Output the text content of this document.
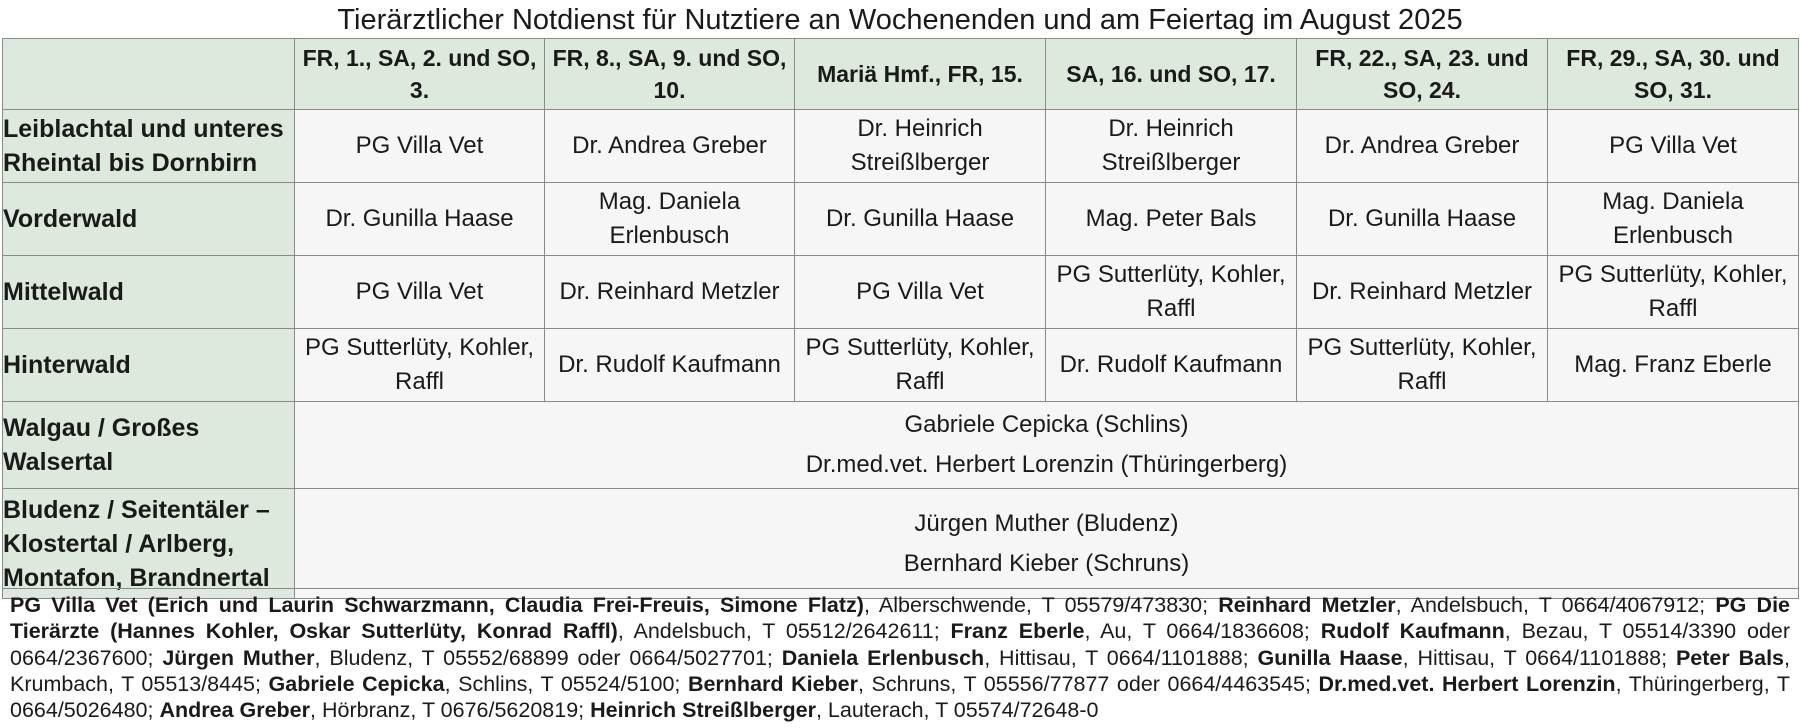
Tierärztlicher Notdienst für Nutztiere an Wochenenden und am Feiertag im August 2025
	FR, 1., SA, 2. und SO, 3.	FR, 8., SA, 9. und SO, 10.	Mariä Hmf., FR, 15.	SA, 16. und SO, 17.	FR, 22., SA, 23. und SO, 24.	FR, 29., SA, 30. und SO, 31.
Leiblachtal und unteres Rheintal bis Dornbirn	PG Villa Vet	Dr. Andrea Greber	Dr. Heinrich Streißlberger	Dr. Heinrich Streißlberger	Dr. Andrea Greber	PG Villa Vet
Vorderwald	Dr. Gunilla Haase	Mag. Daniela Erlenbusch	Dr. Gunilla Haase	Mag. Peter Bals	Dr. Gunilla Haase	Mag. Daniela Erlenbusch
Mittelwald	PG Villa Vet	Dr. Reinhard Metzler	PG Villa Vet	PG Sutterlüty, Kohler, Raffl	Dr. Reinhard Metzler	PG Sutterlüty, Kohler, Raffl
Hinterwald	PG Sutterlüty, Kohler, Raffl	Dr. Rudolf Kaufmann	PG Sutterlüty, Kohler, Raffl	Dr. Rudolf Kaufmann	PG Sutterlüty, Kohler, Raffl	Mag. Franz Eberle
Walgau / Großes Walsertal	Gabriele Cepicka (Schlins)
Dr.med.vet. Herbert Lorenzin (Thüringerberg)					

Bludenz / Seitentäler – Klostertal / Arlberg, Montafon, Brandnertal	Jürgen Muther (Bludenz)
Bernhard Kieber (Schruns)					
PG Villa Vet (Erich und Laurin Schwarzmann, Claudia Frei-Freuis, Simone Flatz), Alberschwende, T 05579/473830; Reinhard Metzler, Andelsbuch, T 0664/4067912; PG Die Tierärzte (Hannes Kohler, Oskar Sutterlüty, Konrad Raffl), Andelsbuch, T 05512/2642611; Franz Eberle, Au, T 0664/1836608; Rudolf Kaufmann, Bezau, T 05514/3390 oder 0664/2367600; Jürgen Muther, Bludenz, T 05552/68899 oder 0664/5027701; Daniela Erlenbusch, Hittisau, T 0664/1101888; Gunilla Haase, Hittisau, T 0664/1101888; Peter Bals, Krumbach, T 05513/8445; Gabriele Cepicka, Schlins, T 05524/5100; Bernhard Kieber, Schruns, T 05556/77877 oder 0664/4463545; Dr.med.vet. Herbert Lorenzin, Thüringerberg, T 0664/5026480; Andrea Greber, Hörbranz, T 0676/5620819; Heinrich Streißlberger, Lauterach, T 05574/72648-0
